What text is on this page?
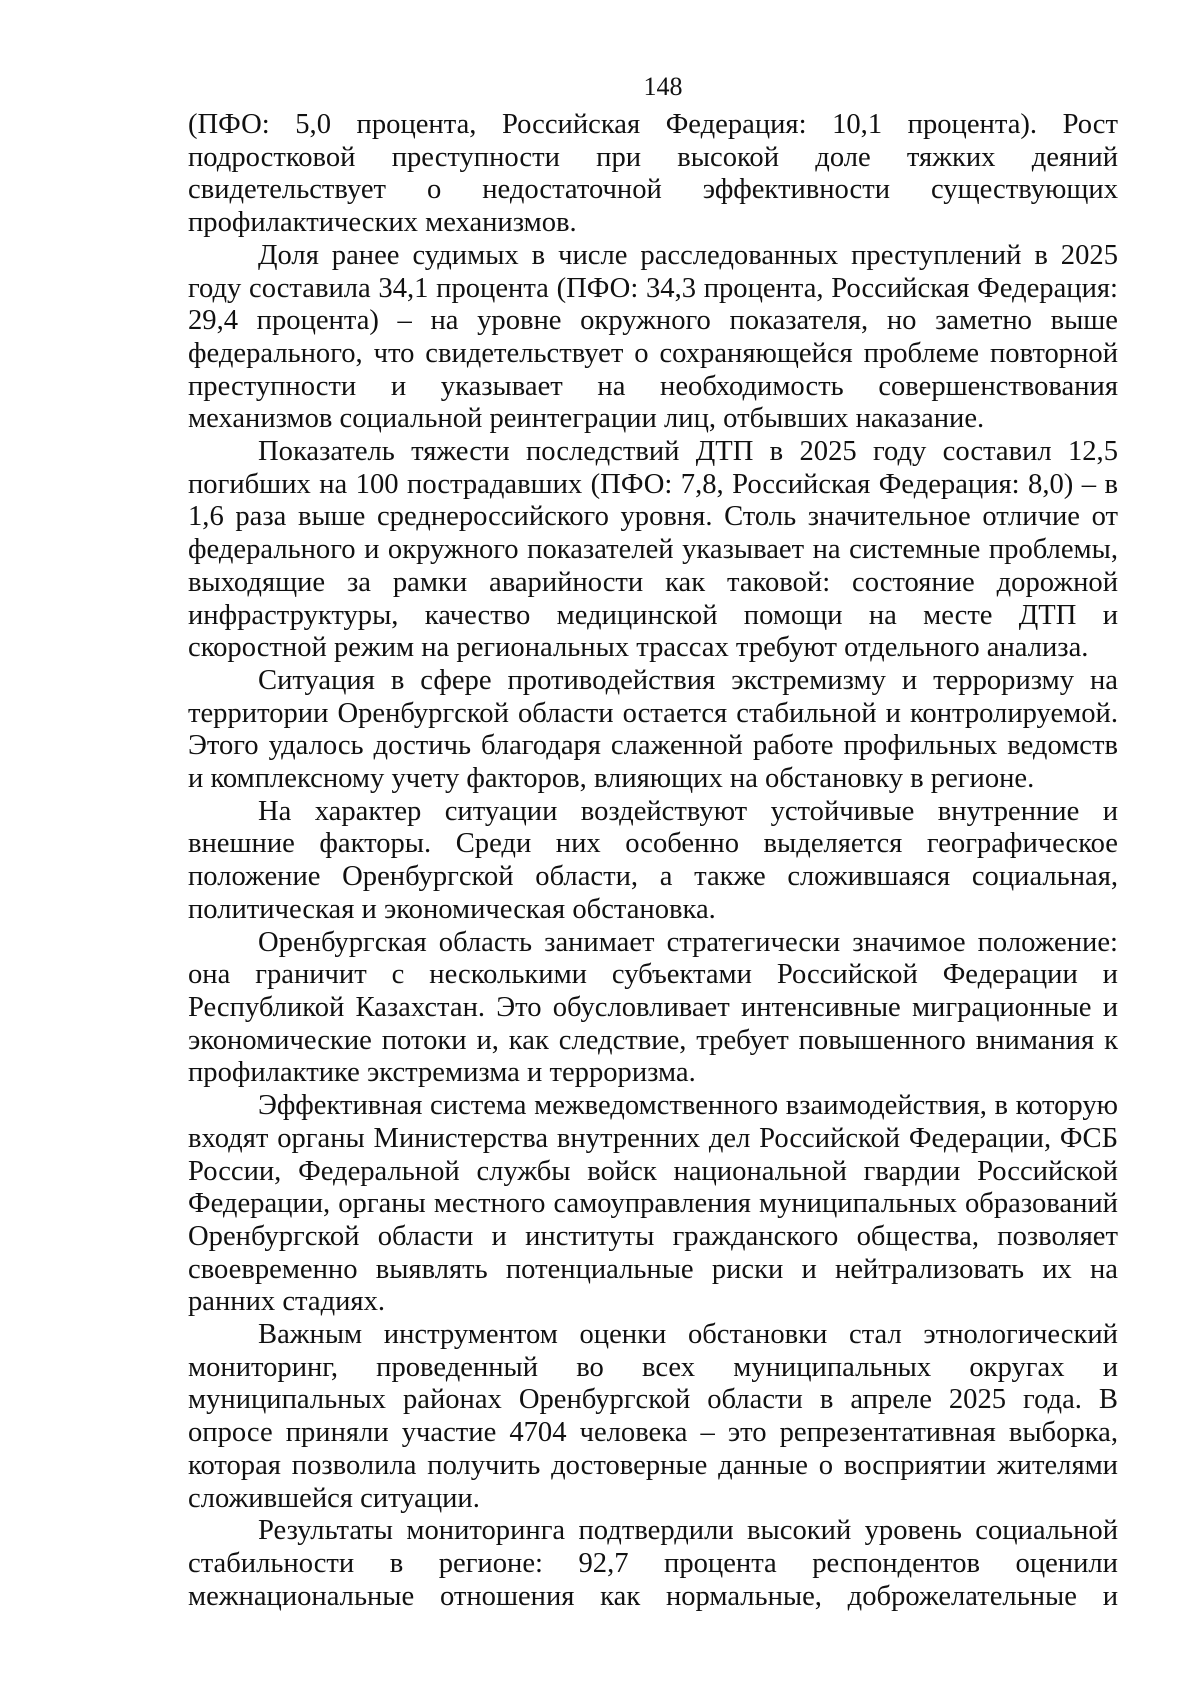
148

(ПФО: 5,0 процента, Российская Федерация: 10,1 процента). Рост подростковой преступности при высокой доле тяжких деяний свидетельствует о недостаточной эффективности существующих профилактических механизмов.

Доля ранее судимых в числе расследованных преступлений в 2025 году составила 34,1 процента (ПФО: 34,3 процента, Российская Федерация: 29,4 процента) – на уровне окружного показателя, но заметно выше федерального, что свидетельствует о сохраняющейся проблеме повторной преступности и указывает на необходимость совершенствования механизмов социальной реинтеграции лиц, отбывших наказание.

Показатель тяжести последствий ДТП в 2025 году составил 12,5 погибших на 100 пострадавших (ПФО: 7,8, Российская Федерация: 8,0) – в 1,6 раза выше среднероссийского уровня. Столь значительное отличие от федерального и окружного показателей указывает на системные проблемы, выходящие за рамки аварийности как таковой: состояние дорожной инфраструктуры, качество медицинской помощи на месте ДТП и скоростной режим на региональных трассах требуют отдельного анализа.

Ситуация в сфере противодействия экстремизму и терроризму на территории Оренбургской области остается стабильной и контролируемой. Этого удалось достичь благодаря слаженной работе профильных ведомств и комплексному учету факторов, влияющих на обстановку в регионе.

На характер ситуации воздействуют устойчивые внутренние и внешние факторы. Среди них особенно выделяется географическое положение Оренбургской области, а также сложившаяся социальная, политическая и экономическая обстановка.

Оренбургская область занимает стратегически значимое положение: она граничит с несколькими субъектами Российской Федерации и Республикой Казахстан. Это обусловливает интенсивные миграционные и экономические потоки и, как следствие, требует повышенного внимания к профилактике экстремизма и терроризма.

Эффективная система межведомственного взаимодействия, в которую входят органы Министерства внутренних дел Российской Федерации, ФСБ России, Федеральной службы войск национальной гвардии Российской Федерации, органы местного самоуправления муниципальных образований Оренбургской области и институты гражданского общества, позволяет своевременно выявлять потенциальные риски и нейтрализовать их на ранних стадиях.

Важным инструментом оценки обстановки стал этнологический мониторинг, проведенный во всех муниципальных округах и муниципальных районах Оренбургской области в апреле 2025 года. В опросе приняли участие 4704 человека – это репрезентативная выборка, которая позволила получить достоверные данные о восприятии жителями сложившейся ситуации.

Результаты мониторинга подтвердили высокий уровень социальной стабильности в регионе: 92,7 процента респондентов оценили межнациональные отношения как нормальные, доброжелательные и
